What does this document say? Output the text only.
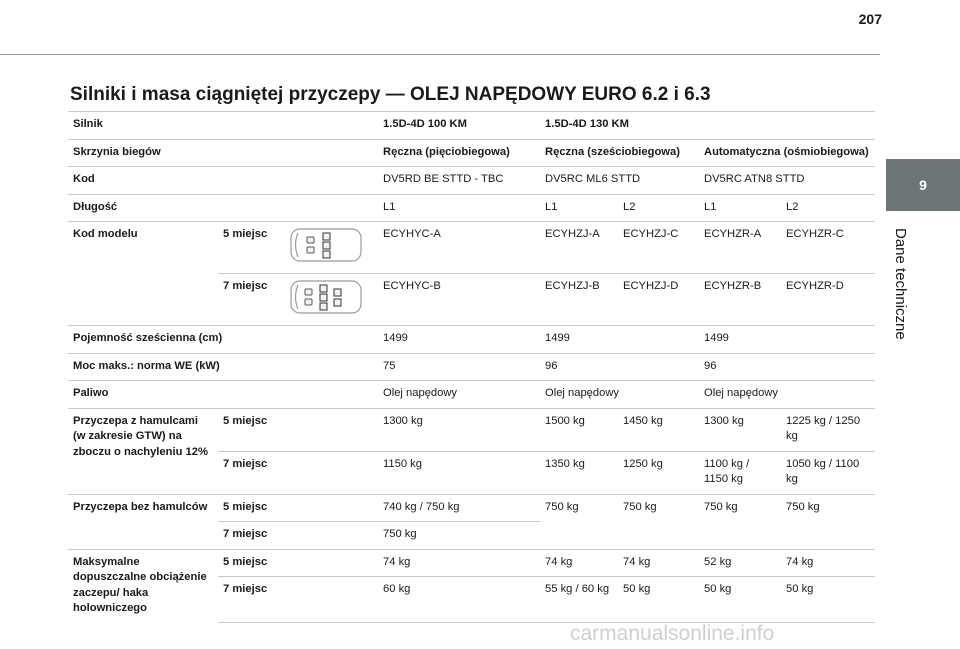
207
9
Dane techniczne
Silniki i masa ciągniętej przyczepy — OLEJ NAPĘDOWY EURO 6.2 i 6.3
Silnik			1.5D-4D 100 KM	1.5D-4D 130 KM			
Skrzynia biegów			Ręczna (pięciobiegowa)	Ręczna (sześciobiegowa)		Automatyczna (ośmiobiegowa)	
Kod			DV5RD BE STTD - TBC	DV5RC ML6 STTD		DV5RC ATN8 STTD	
Długość			L1	L1	L2	L1	L2
Kod modelu	5 miejsc		ECYHYC-A	ECYHZJ-A	ECYHZJ-C	ECYHZR-A	ECYHZR-C
	7 miejsc		ECYHYC-B	ECYHZJ-B	ECYHZJ-D	ECYHZR-B	ECYHZR-D
Pojemność sześcienna (cm)			1499	1499		1499	
Moc maks.: norma WE (kW)			75	96		96	
Paliwo			Olej napędowy	Olej napędowy		Olej napędowy	
Przyczepa z hamulcami (w zakresie GTW) na zboczu o nachyleniu 12%	5 miejsc		1300 kg	1500 kg	1450 kg	1300 kg	1225 kg / 1250 kg
	7 miejsc		1150 kg	1350 kg	1250 kg	1100 kg / 1150 kg	1050 kg / 1100 kg
Przyczepa bez hamulców	5 miejsc		740 kg / 750 kg	750 kg	750 kg	750 kg	750 kg
	7 miejsc		750 kg				
Maksymalne dopuszczalne obciążenie zaczepu/ haka holowniczego	5 miejsc		74 kg	74 kg	74 kg	52 kg	74 kg
	7 miejsc		60 kg	55 kg / 60 kg	50 kg	50 kg	50 kg
carmanualsonline.info
